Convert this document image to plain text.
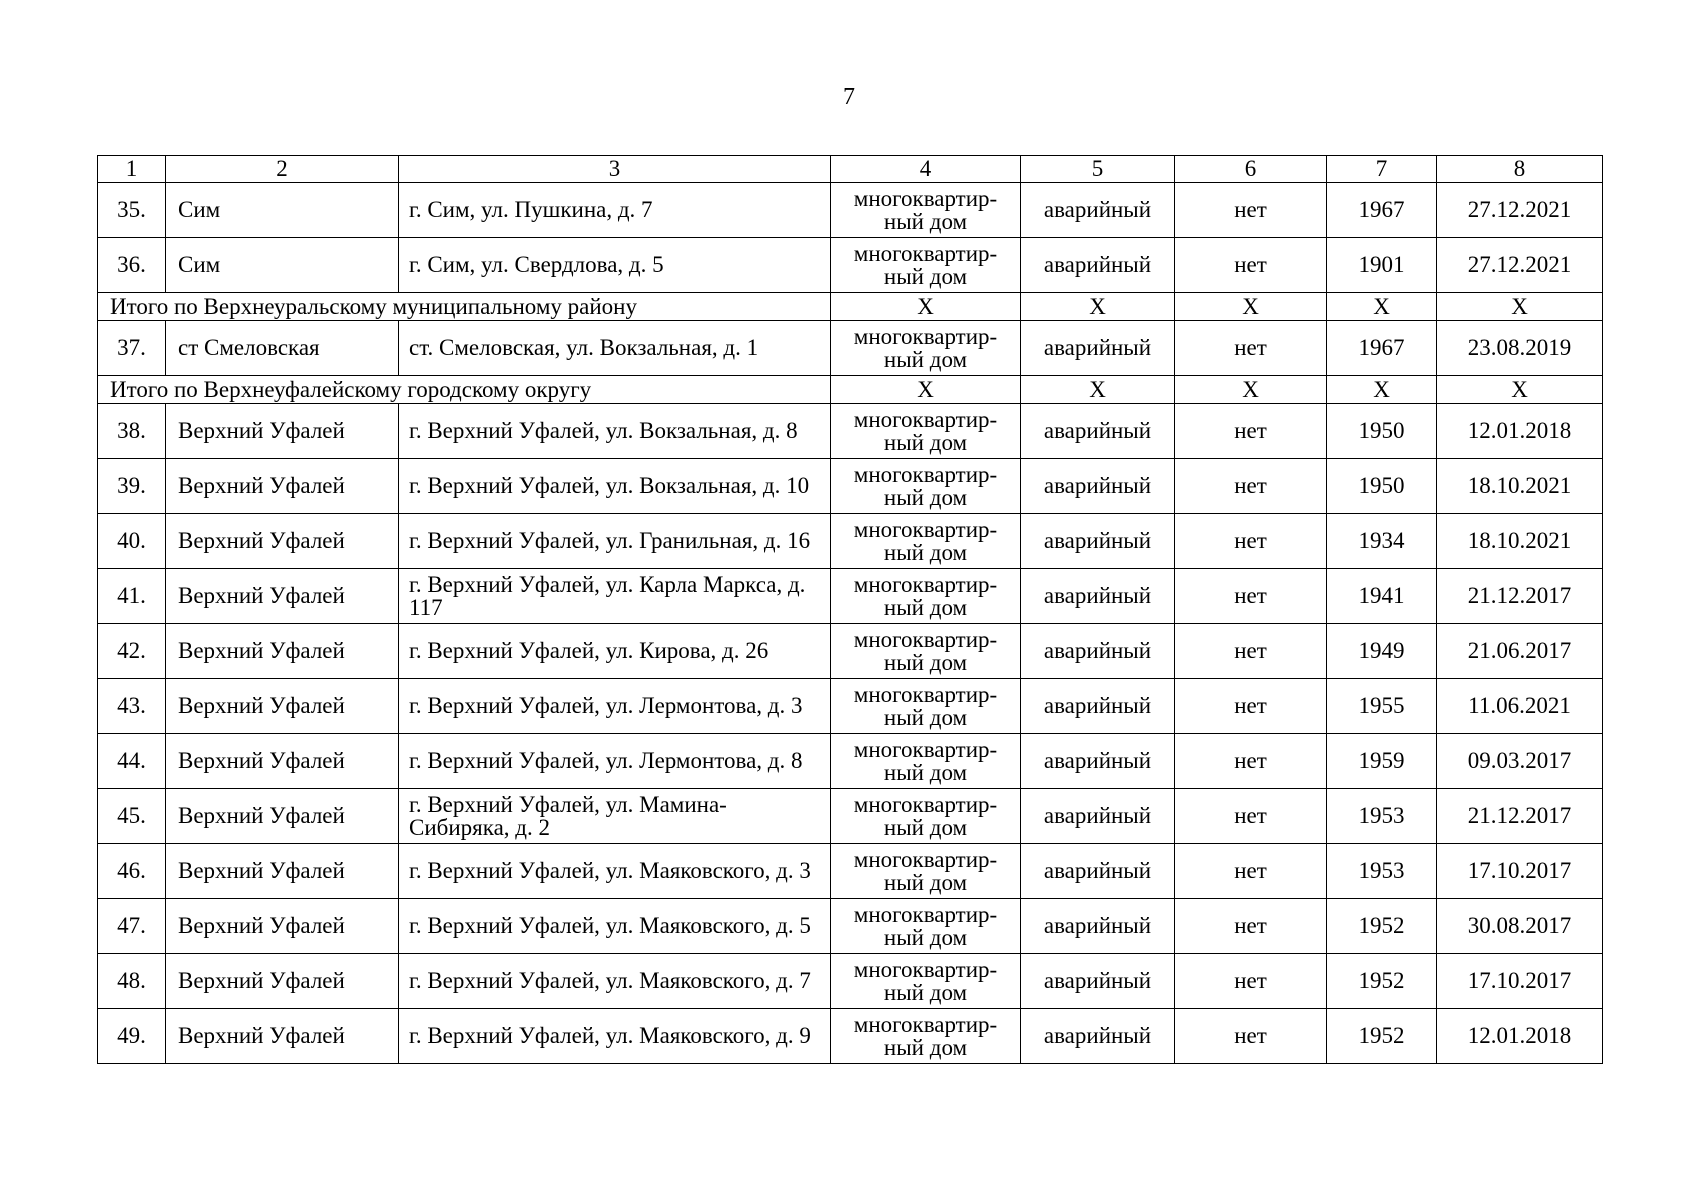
7
1	2	3	4	5	6	7	8
35.	Сим	г. Сим, ул. Пушкина, д. 7	многоквартир-ный дом	аварийный	нет	1967	27.12.2021
36.	Сим	г. Сим, ул. Свердлова, д. 5	многоквартир-ный дом	аварийный	нет	1901	27.12.2021
Итого по Верхнеуральскому муниципальному району			Х	Х	Х	Х	Х
37.	ст Смеловская	ст. Смеловская, ул. Вокзальная, д. 1	многоквартир-ный дом	аварийный	нет	1967	23.08.2019
Итого по Верхнеуфалейскому городскому округу			Х	Х	Х	Х	Х
38.	Верхний Уфалей	г. Верхний Уфалей, ул. Вокзальная, д. 8	многоквартир-ный дом	аварийный	нет	1950	12.01.2018
39.	Верхний Уфалей	г. Верхний Уфалей, ул. Вокзальная, д. 10	многоквартир-ный дом	аварийный	нет	1950	18.10.2021
40.	Верхний Уфалей	г. Верхний Уфалей, ул. Гранильная, д. 16	многоквартир-ный дом	аварийный	нет	1934	18.10.2021
41.	Верхний Уфалей	г. Верхний Уфалей, ул. Карла Маркса, д. 117	многоквартир-ный дом	аварийный	нет	1941	21.12.2017
42.	Верхний Уфалей	г. Верхний Уфалей, ул. Кирова, д. 26	многоквартир-ный дом	аварийный	нет	1949	21.06.2017
43.	Верхний Уфалей	г. Верхний Уфалей, ул. Лермонтова, д. 3	многоквартир-ный дом	аварийный	нет	1955	11.06.2021
44.	Верхний Уфалей	г. Верхний Уфалей, ул. Лермонтова, д. 8	многоквартир-ный дом	аварийный	нет	1959	09.03.2017
45.	Верхний Уфалей	г. Верхний Уфалей, ул. Мамина-Сибиряка, д. 2	многоквартир-ный дом	аварийный	нет	1953	21.12.2017
46.	Верхний Уфалей	г. Верхний Уфалей, ул. Маяковского, д. 3	многоквартир-ный дом	аварийный	нет	1953	17.10.2017
47.	Верхний Уфалей	г. Верхний Уфалей, ул. Маяковского, д. 5	многоквартир-ный дом	аварийный	нет	1952	30.08.2017
48.	Верхний Уфалей	г. Верхний Уфалей, ул. Маяковского, д. 7	многоквартир-ный дом	аварийный	нет	1952	17.10.2017
49.	Верхний Уфалей	г. Верхний Уфалей, ул. Маяковского, д. 9	многоквартир-ный дом	аварийный	нет	1952	12.01.2018
